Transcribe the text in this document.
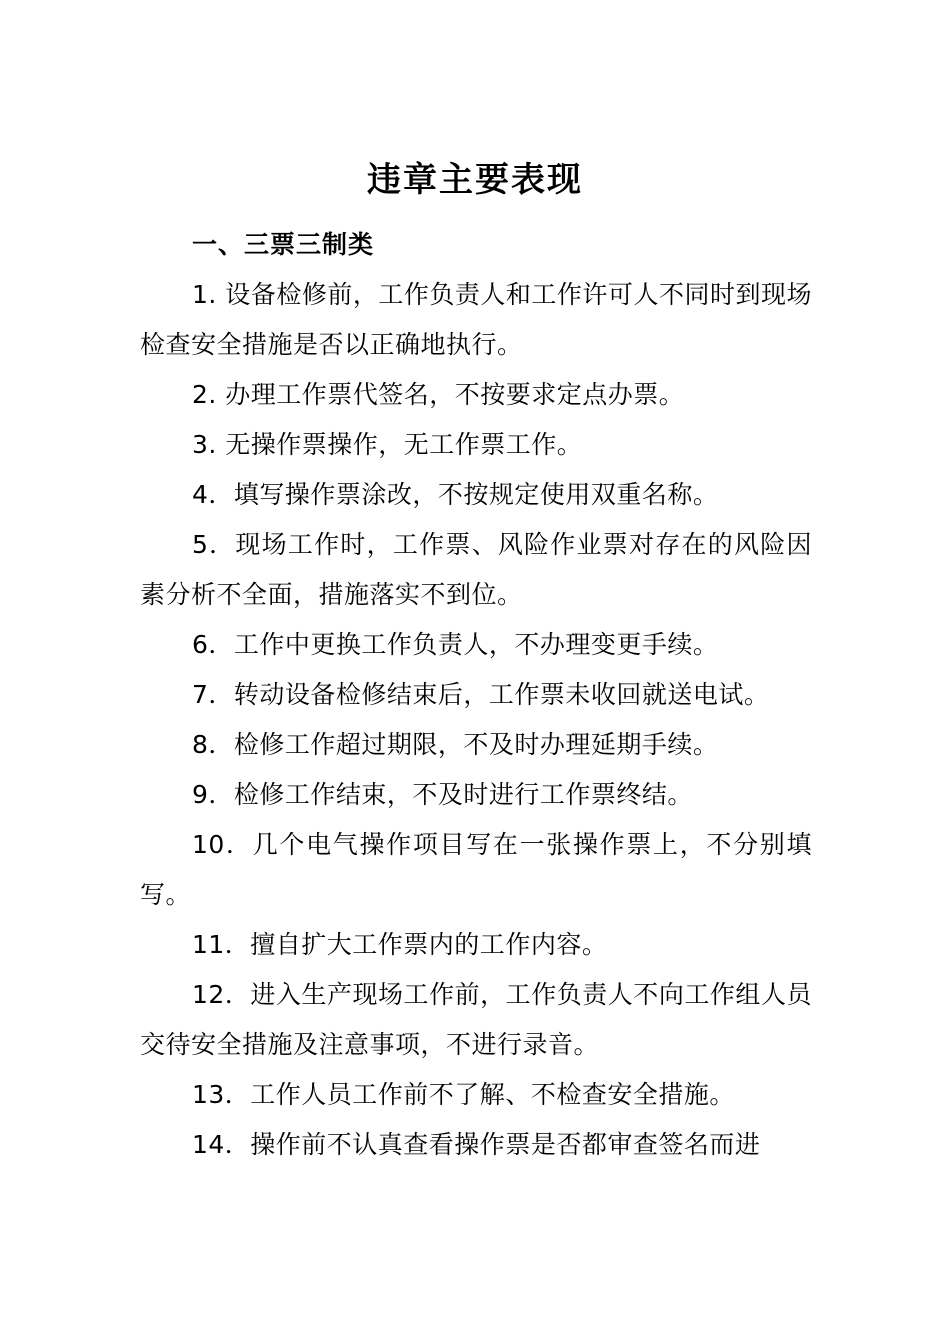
违章主要表现

一、三票三制类

1. 设备检修前，工作负责人和工作许可人不同时到现场检查安全措施是否以正确地执行。

2. 办理工作票代签名，不按要求定点办票。

3. 无操作票操作，无工作票工作。

4．填写操作票涂改，不按规定使用双重名称。

5．现场工作时，工作票、风险作业票对存在的风险因素分析不全面，措施落实不到位。

6．工作中更换工作负责人，不办理变更手续。

7．转动设备检修结束后，工作票未收回就送电试。

8．检修工作超过期限，不及时办理延期手续。

9．检修工作结束，不及时进行工作票终结。

10．几个电气操作项目写在一张操作票上，不分别填写。

11．擅自扩大工作票内的工作内容。

12．进入生产现场工作前，工作负责人不向工作组人员交待安全措施及注意事项，不进行录音。

13．工作人员工作前不了解、不检查安全措施。

14．操作前不认真查看操作票是否都审查签名而进
